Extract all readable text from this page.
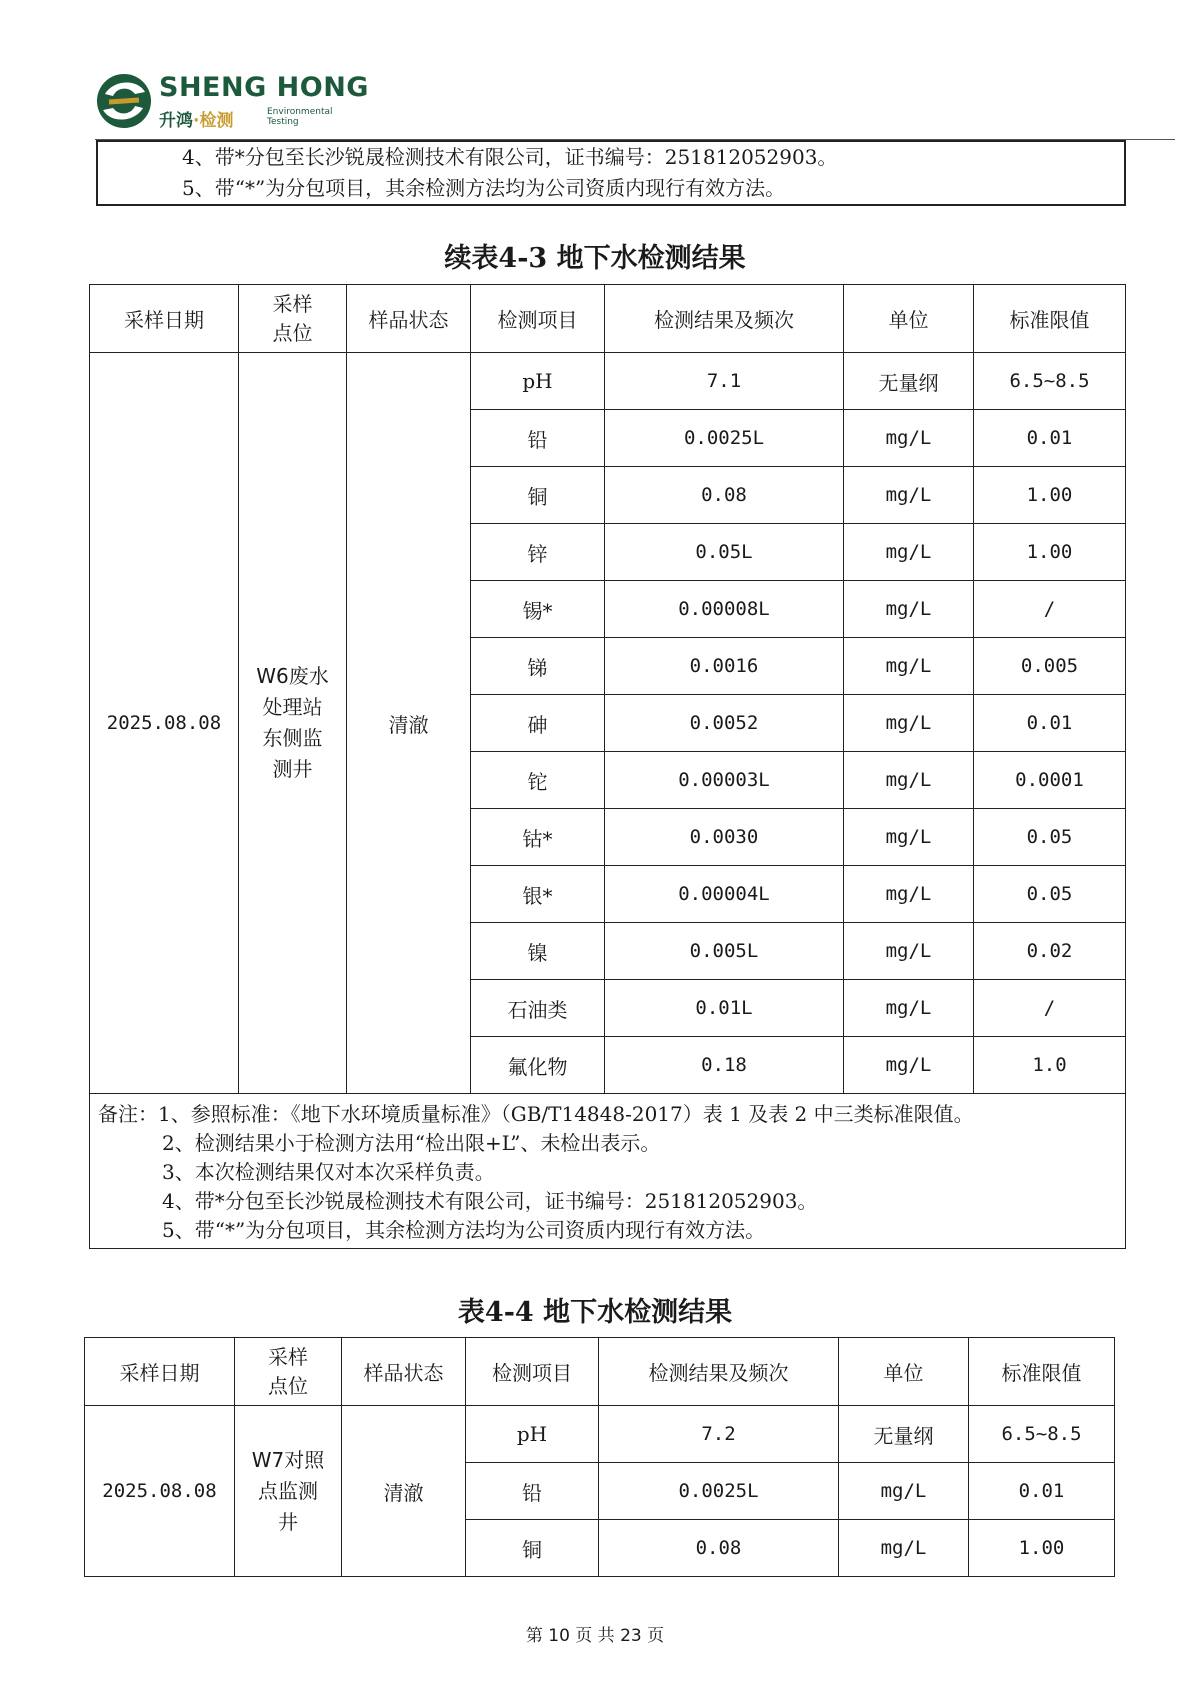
SHENG HONG
升鸿·检测	Environmental
Testing
4、带*分包至长沙锐晟检测技术有限公司，证书编号：251812052903。
5、带“*”为分包项目，其余检测方法均为公司资质内现行有效方法。
续表4-3 地下水检测结果
采样日期	采样
点位	样品状态	检测项目	检测结果及频次	单位	标准限值
2025.08.08	W6废水
处理站
东侧监
测井	清澈	pH	7.1	无量纲	6.5~8.5
			铅	0.0025L	mg/L	0.01
			铜	0.08	mg/L	1.00
			锌	0.05L	mg/L	1.00
			锡*	0.00008L	mg/L	/
			锑	0.0016	mg/L	0.005
			砷	0.0052	mg/L	0.01
			铊	0.00003L	mg/L	0.0001
			钴*	0.0030	mg/L	0.05
			银*	0.00004L	mg/L	0.05
			镍	0.005L	mg/L	0.02
			石油类	0.01L	mg/L	/
			氟化物	0.18	mg/L	1.0

备注：1、参照标准：《地下水环境质量标准》（GB/T14848-2017）表 1 及表 2 中三类标准限值。
2、检测结果小于检测方法用“检出限+L”、未检出表示。
3、本次检测结果仅对本次采样负责。
4、带*分包至长沙锐晟检测技术有限公司，证书编号：251812052903。
5、带“*”为分包项目，其余检测方法均为公司资质内现行有效方法。						
表4-4 地下水检测结果
采样日期	采样
点位	样品状态	检测项目	检测结果及频次	单位	标准限值
2025.08.08	W7对照
点监测
井	清澈	pH	7.2	无量纲	6.5~8.5
			铅	0.0025L	mg/L	0.01
			铜	0.08	mg/L	1.00
第 10 页 共 23 页
